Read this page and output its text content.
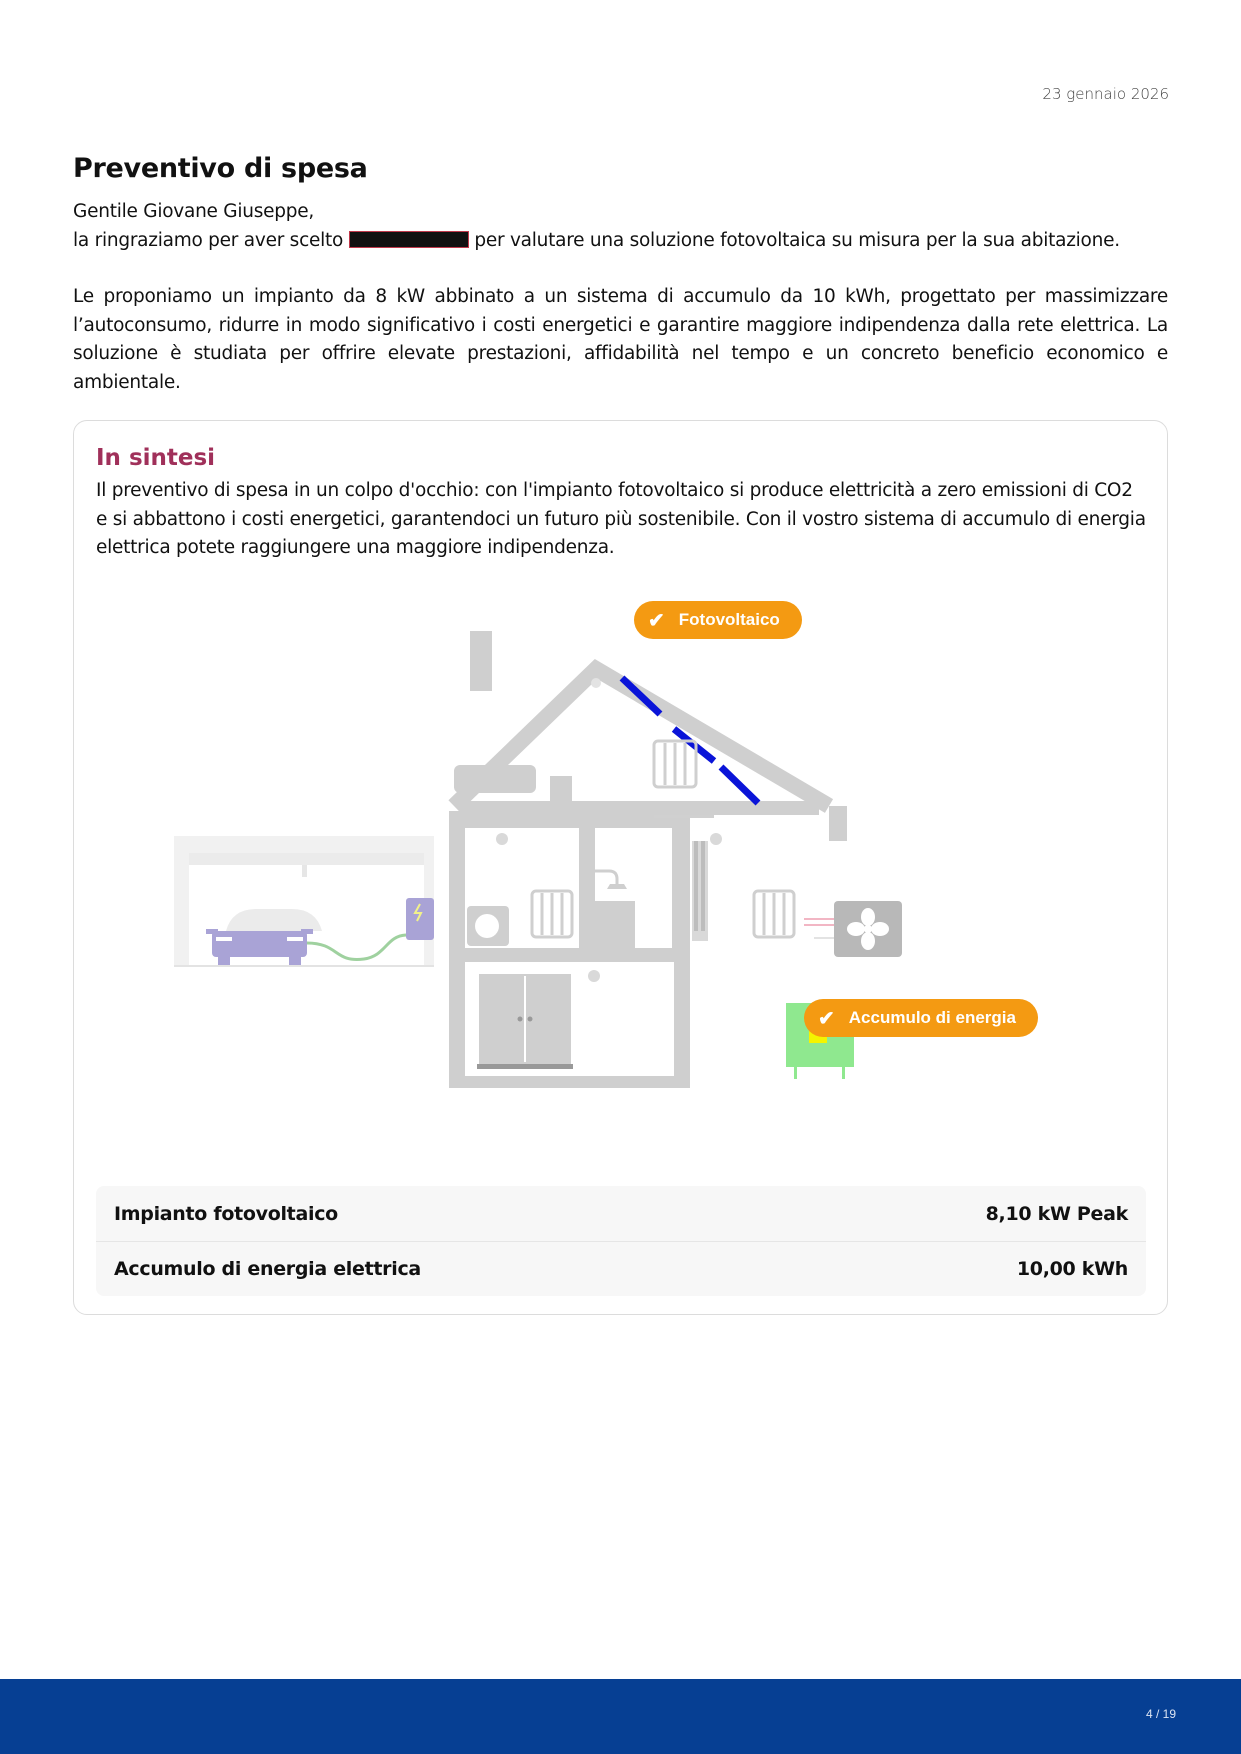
23 gennaio 2026
Preventivo di spesa

Gentile Giovane Giuseppe,

la ringraziamo per aver scelto	per valutare una soluzione fotovoltaica su misura per la sua abitazione.

Le proponiamo un impianto da 8 kW abbinato a un sistema di accumulo da 10 kWh, progettato per massimizzare l’autoconsumo, ridurre in modo significativo i costi energetici e garantire maggiore indipendenza dalla rete elettrica. La soluzione è studiata per offrire elevate prestazioni, affidabilità nel tempo e un concreto beneficio economico e ambientale.

In sintesi
Il preventivo di spesa in un colpo d'occhio: con l'impianto fotovoltaico si produce elettricità a zero emissioni di CO2 e si abbattono i costi energetici, garantendoci un futuro più sostenibile. Con il vostro sistema di accumulo di energia elettrica potete raggiungere una maggiore indipendenza.
✔ Fotovoltaico
✔ Accumulo di energia
Impianto fotovoltaico	8,10 kW Peak
Accumulo di energia elettrica	10,00 kWh
4 / 19
